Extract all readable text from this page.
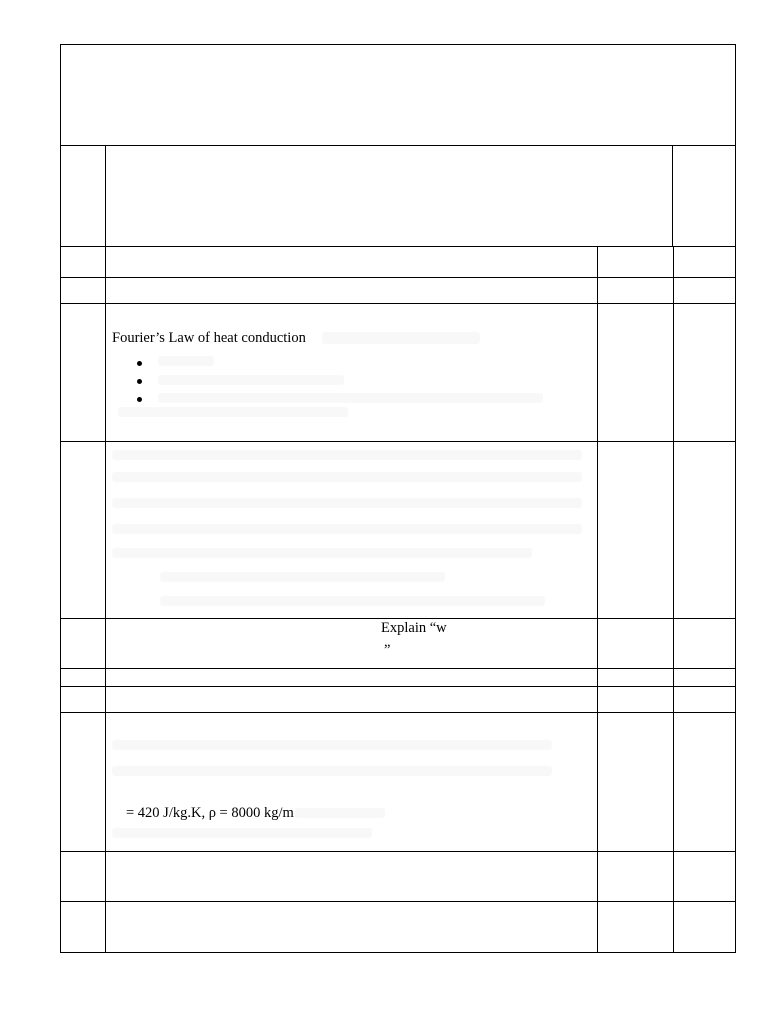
Fourier’s Law of heat conduction
Explain “w
”
= 420 J/kg.K, ρ = 8000 kg/m
